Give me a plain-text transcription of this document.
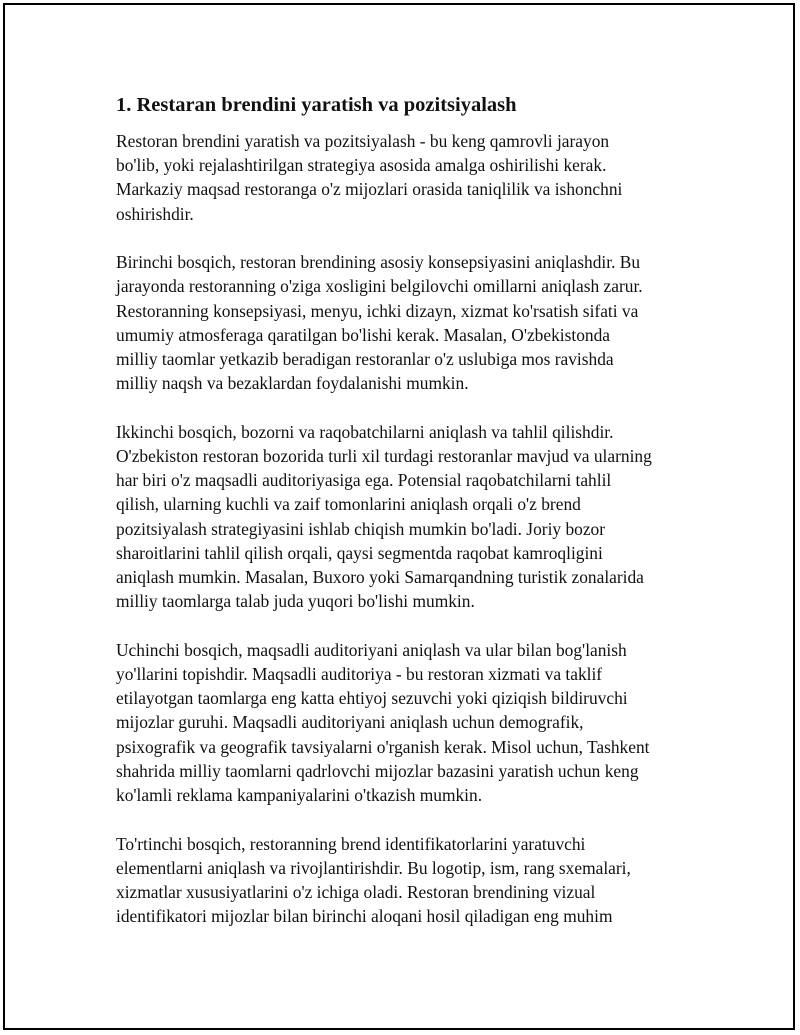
1. Restaran brendini yaratish va pozitsiyalash

Restoran brendini yaratish va pozitsiyalash - bu keng qamrovli jarayon
bo'lib, yoki rejalashtirilgan strategiya asosida amalga oshirilishi kerak.
Markaziy maqsad restoranga o'z mijozlari orasida taniqlilik va ishonchni
oshirishdir.

Birinchi bosqich, restoran brendining asosiy konsepsiyasini aniqlashdir. Bu
jarayonda restoranning o'ziga xosligini belgilovchi omillarni aniqlash zarur.
Restoranning konsepsiyasi, menyu, ichki dizayn, xizmat ko'rsatish sifati va
umumiy atmosferaga qaratilgan bo'lishi kerak. Masalan, O'zbekistonda
milliy taomlar yetkazib beradigan restoranlar o'z uslubiga mos ravishda
milliy naqsh va bezaklardan foydalanishi mumkin.

Ikkinchi bosqich, bozorni va raqobatchilarni aniqlash va tahlil qilishdir.
O'zbekiston restoran bozorida turli xil turdagi restoranlar mavjud va ularning
har biri o'z maqsadli auditoriyasiga ega. Potensial raqobatchilarni tahlil
qilish, ularning kuchli va zaif tomonlarini aniqlash orqali o'z brend
pozitsiyalash strategiyasini ishlab chiqish mumkin bo'ladi. Joriy bozor
sharoitlarini tahlil qilish orqali, qaysi segmentda raqobat kamroqligini
aniqlash mumkin. Masalan, Buxoro yoki Samarqandning turistik zonalarida
milliy taomlarga talab juda yuqori bo'lishi mumkin.

Uchinchi bosqich, maqsadli auditoriyani aniqlash va ular bilan bog'lanish
yo'llarini topishdir. Maqsadli auditoriya - bu restoran xizmati va taklif
etilayotgan taomlarga eng katta ehtiyoj sezuvchi yoki qiziqish bildiruvchi
mijozlar guruhi. Maqsadli auditoriyani aniqlash uchun demografik,
psixografik va geografik tavsiyalarni o'rganish kerak. Misol uchun, Tashkent
shahrida milliy taomlarni qadrlovchi mijozlar bazasini yaratish uchun keng
ko'lamli reklama kampaniyalarini o'tkazish mumkin.

To'rtinchi bosqich, restoranning brend identifikatorlarini yaratuvchi
elementlarni aniqlash va rivojlantirishdir. Bu logotip, ism, rang sxemalari,
xizmatlar xususiyatlarini o'z ichiga oladi. Restoran brendining vizual
identifikatori mijozlar bilan birinchi aloqani hosil qiladigan eng muhim
